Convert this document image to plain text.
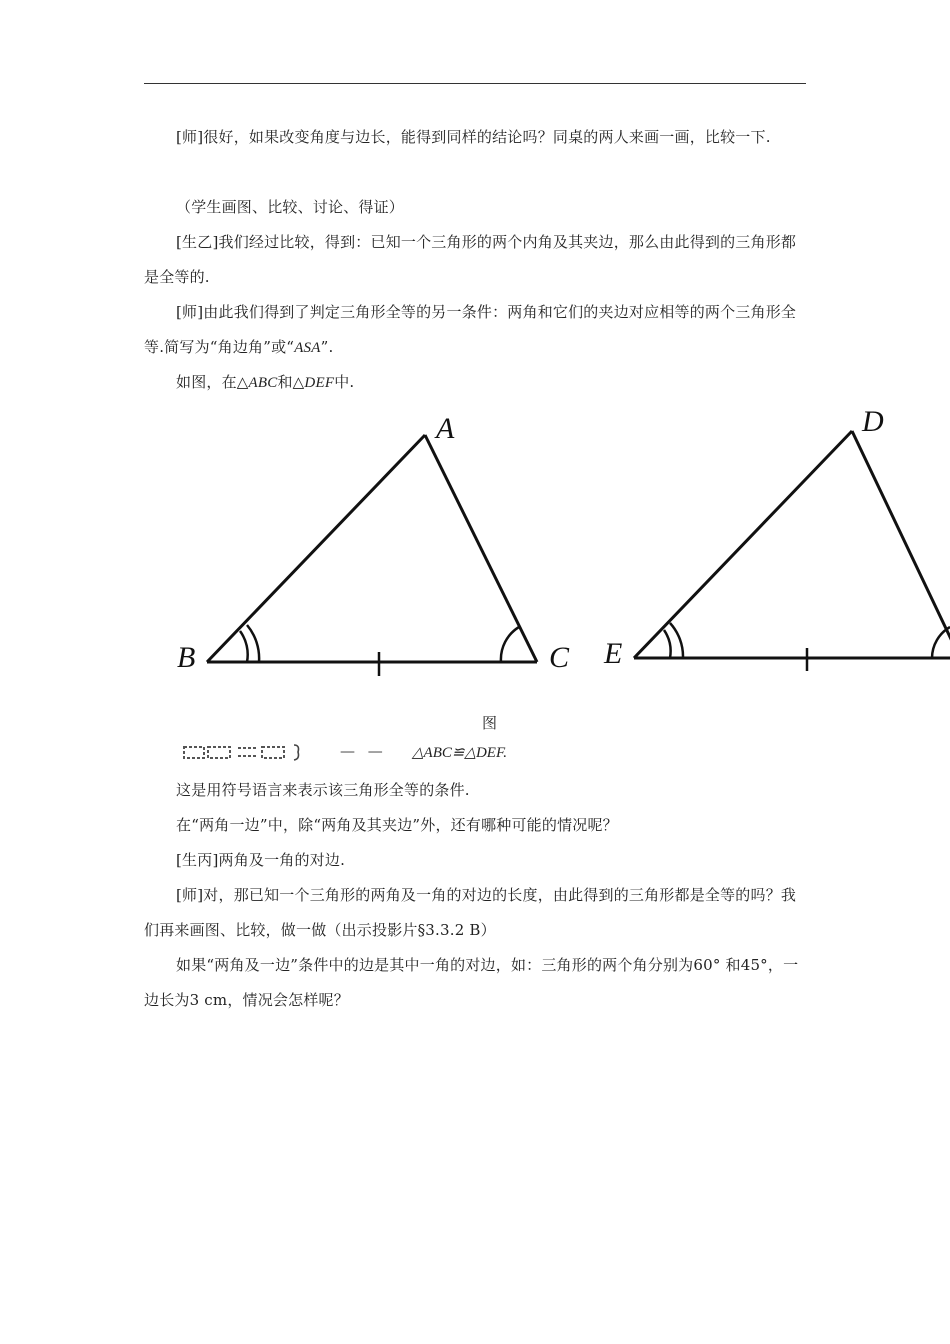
[师]很好，如果改变角度与边长，能得到同样的结论吗？同桌的两人来画一画，比较一下.

（学生画图、比较、讨论、得证）

[生乙]我们经过比较，得到：已知一个三角形的两个内角及其夹边，那么由此得到的三角形都是全等的.

[师]由此我们得到了判定三角形全等的另一条件：两角和它们的夹边对应相等的两个三角形全等.简写为“角边角”或“ASA”.

如图，在△ABC和△DEF中.

A
B	C
D
E
图
— — △ABC≌△DEF.

这是用符号语言来表示该三角形全等的条件.

在“两角一边”中，除“两角及其夹边”外，还有哪种可能的情况呢？

[生丙]两角及一角的对边.

[师]对，那已知一个三角形的两角及一角的对边的长度，由此得到的三角形都是全等的吗？我们再来画图、比较，做一做（出示投影片§3.3.2 B）

如果“两角及一边”条件中的边是其中一角的对边，如：三角形的两个角分别为60° 和45°，一边长为3 cm，情况会怎样呢？
